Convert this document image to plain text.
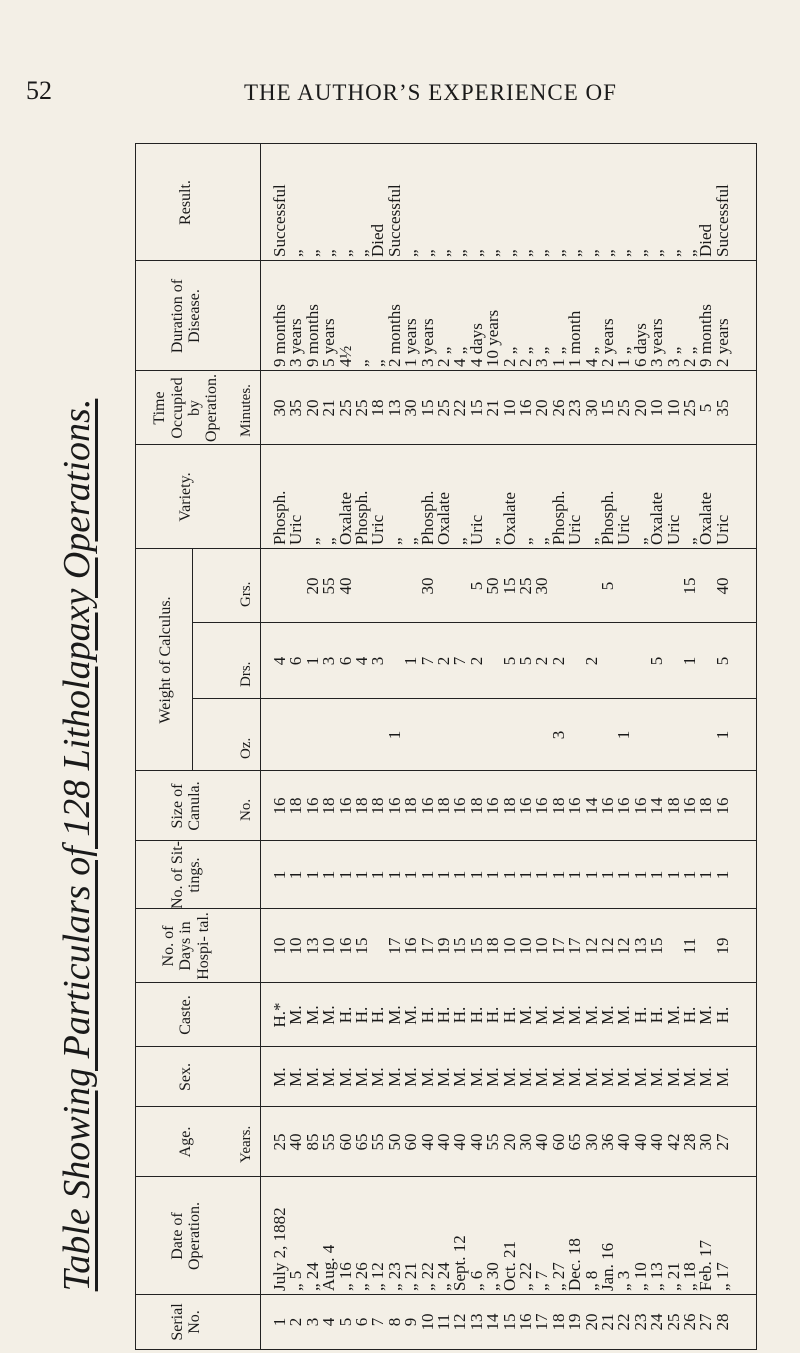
52	THE AUTHOR’S EXPERIENCE OF
Table Showing Particulars of 128 Litholapaxy Operations.
Serial No.
Date of Operation.
Age.
Sex.
Caste.
No. of Days in Hospi- tal.
No. of Sit- tings.
Size of Canula.
Weight of Calculus.
Variety.
Time Occupied by Operation.
Duration of Disease.
Result.
Years.
No.
Oz.
Drs.
Grs.
Minutes.
1
July 2, 1882
25
M.
H.*
10
1
16
4
Phosph.
30
9 months
Successful
2
„ 5
40
M.
M.
10
1
18
6
Uric
35
3 years
„
3
„ 24
85
M.
M.
13
1
16
1
20
„
20
9 months
„
4
Aug. 4
55
M.
M.
10
1
18
3
55
„
21
5 years
„
5
„ 16
60
M.
H.
16
1
16
6
40
Oxalate
25
4½
„
6
„ 26
65
M.
H.
15
1
18
4
Phosph.
25
„
„
7
„ 12
55
M.
H.
1
18
3
Uric
18
„
Died
8
„ 23
50
M.
M.
17
1
16
1
„
13
2 months
Successful
9
„ 21
60
M.
M.
16
1
18
1
„
30
1 years
„
10
„ 22
40
M.
H.
17
1
16
7
30
Phosph.
15
3 years
„
11
„ 24
40
M.
H.
19
1
18
2
Oxalate
25
2 „
„
12
Sept. 12
40
M.
H.
15
1
16
7
„
22
4 „
„
13
„ 6
40
M.
H.
15
1
18
2
5
Uric
15
4 days
„
14
„ 30
55
M.
H.
18
1
16
50
„
21
10 years
„
15
Oct. 21
20
M.
H.
10
1
18
5
15
Oxalate
10
2 „
„
16
„ 22
30
M.
M.
10
1
16
5
25
„
16
2 „
„
17
„ 7
40
M.
M.
10
1
16
2
30
„
20
3 „
„
18
„ 27
60
M.
M.
17
1
18
3
2
Phosph.
26
1 „
„
19
Dec. 18
65
M.
M.
17
1
16
Uric
23
1 month
„
20
„ 8
30
M.
M.
12
1
14
2
„
30
4 „
„
21
Jan. 16
36
M.
M.
12
1
16
5
Phosph.
15
2 years
„
22
„ 3
40
M.
M.
12
1
16
1
Uric
25
1 „
„
23
„ 10
40
M.
H.
13
1
16
„
20
6 days
„
24
„ 13
40
M.
H.
15
1
14
5
Oxalate
10
3 years
„
25
„ 21
42
M.
M.
1
18
Uric
10
3 „
„
26
„ 18
28
M.
H.
11
1
16
1
15
„
25
2 „
„
27
Feb. 17
30
M.
M.
1
18
Oxalate
5
9 months
Died
28
„ 17
27
M.
H.
19
1
16
1
5
40
Uric
35
2 years
Successful
